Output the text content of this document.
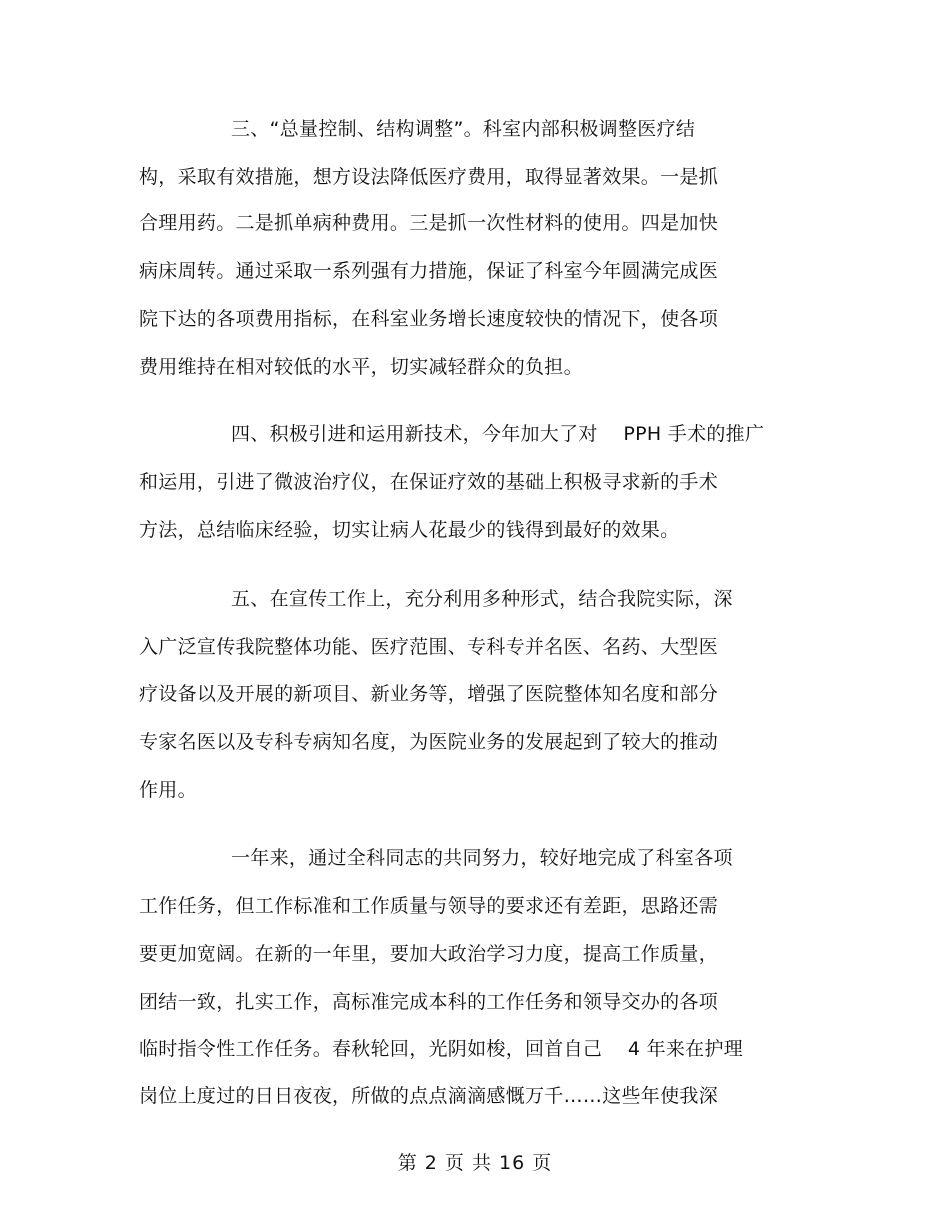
三、“总量控制、结构调整”。科室内部积极调整医疗结
构，采取有效措施，想方设法降低医疗费用，取得显著效果。一是抓
合理用药。二是抓单病种费用。三是抓一次性材料的使用。四是加快
病床周转。通过采取一系列强有力措施，保证了科室今年圆满完成医
院下达的各项费用指标，在科室业务增长速度较快的情况下，使各项
费用维持在相对较低的水平，切实减轻群众的负担。
四、积极引进和运用新技术，今年加大了对　 PPH 手术的推广
和运用，引进了微波治疗仪，在保证疗效的基础上积极寻求新的手术
方法，总结临床经验，切实让病人花最少的钱得到最好的效果。
五、在宣传工作上，充分利用多种形式，结合我院实际，深
入广泛宣传我院整体功能、医疗范围、专科专并名医、名药、大型医
疗设备以及开展的新项目、新业务等，增强了医院整体知名度和部分
专家名医以及专科专病知名度，为医院业务的发展起到了较大的推动
作用。
一年来，通过全科同志的共同努力，较好地完成了科室各项
工作任务，但工作标准和工作质量与领导的要求还有差距，思路还需
要更加宽阔。在新的一年里，要加大政治学习力度，提高工作质量，
团结一致，扎实工作，高标准完成本科的工作任务和领导交办的各项
临时指令性工作任务。春秋轮回，光阴如梭，回首自己　 4 年来在护理
岗位上度过的日日夜夜，所做的点点滴滴感慨万千……这些年使我深
第 2 页 共 16 页
